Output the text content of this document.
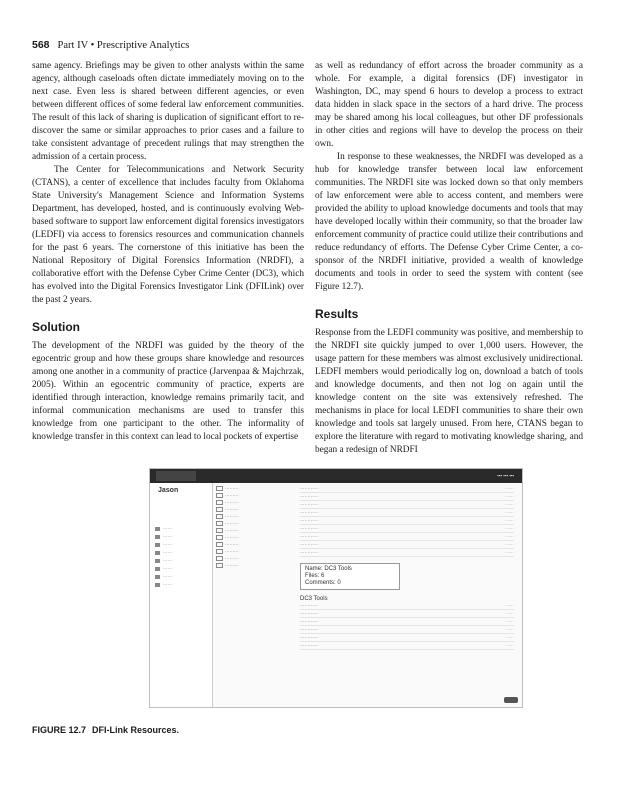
568 Part IV • Prescriptive Analytics

same agency. Briefings may be given to other analysts within the same agency, although caseloads often dictate immediately moving on to the next case. Even less is shared between different agencies, or even between different offices of some federal law enforcement communities. The result of this lack of sharing is duplication of significant effort to re-discover the same or similar approaches to prior cases and a failure to take consistent advantage of precedent rulings that may strengthen the admission of a certain process.

The Center for Telecommunications and Network Security (CTANS), a center of excellence that includes faculty from Oklahoma State University's Management Science and Information Systems Department, has developed, hosted, and is continuously evolving Web-based software to support law enforcement digital forensics investigators (LEDFI) via access to forensics resources and communication channels for the past 6 years. The cornerstone of this initiative has been the National Repository of Digital Forensics Information (NRDFI), a collaborative effort with the Defense Cyber Crime Center (DC3), which has evolved into the Digital Forensics Investigator Link (DFILink) over the past 2 years.

Solution

The development of the NRDFI was guided by the theory of the egocentric group and how these groups share knowledge and resources among one another in a community of practice (Jarvenpaa & Majchrzak, 2005). Within an egocentric community of practice, experts are identified through interaction, knowledge remains primarily tacit, and informal communication mechanisms are used to transfer this knowledge from one participant to the other. The informality of knowledge transfer in this context can lead to local pockets of expertise

as well as redundancy of effort across the broader community as a whole. For example, a digital forensics (DF) investigator in Washington, DC, may spend 6 hours to develop a process to extract data hidden in slack space in the sectors of a hard drive. The process may be shared among his local colleagues, but other DF professionals in other cities and regions will have to develop the process on their own.

In response to these weaknesses, the NRDFI was developed as a hub for knowledge transfer between local law enforcement communities. The NRDFI site was locked down so that only members of law enforcement were able to access content, and members were provided the ability to upload knowledge documents and tools that may have developed locally within their community, so that the broader law enforcement community of practice could utilize their contributions and reduce redundancy of efforts. The Defense Cyber Crime Center, a co-sponsor of the NRDFI initiative, provided a wealth of knowledge documents and tools in order to seed the system with content (see Figure 12.7).

Results

Response from the LEDFI community was positive, and membership to the NRDFI site quickly jumped to over 1,000 users. However, the usage pattern for these members was almost exclusively unidirectional. LEDFI members would periodically log on, download a batch of tools and knowledge documents, and then not log on again until the knowledge content on the site was extensively refreshed. The mechanisms in place for local LEDFI communities to share their own knowledge and tools sat largely unused. From here, CTANS began to explore the literature with regard to motivating knowledge sharing, and began a redesign of NRDFI

▪▪▪ ▪▪▪ ▪▪▪
Jason
······
······
······
······
······
······
······
······
·········
·········
·········
·········
·········
·········
·········
·········
·········
·········
·········
·········
············	······
············	······
············	······
············	······
············	······
············	······
············	······
············	······
············	······
Name: DC3 Tools
Files: 6
Comments: 0
DC3 Tools
············	······
············	······
············	······
············	······
············	······
············	······
FIGURE 12.7 DFI-Link Resources.
